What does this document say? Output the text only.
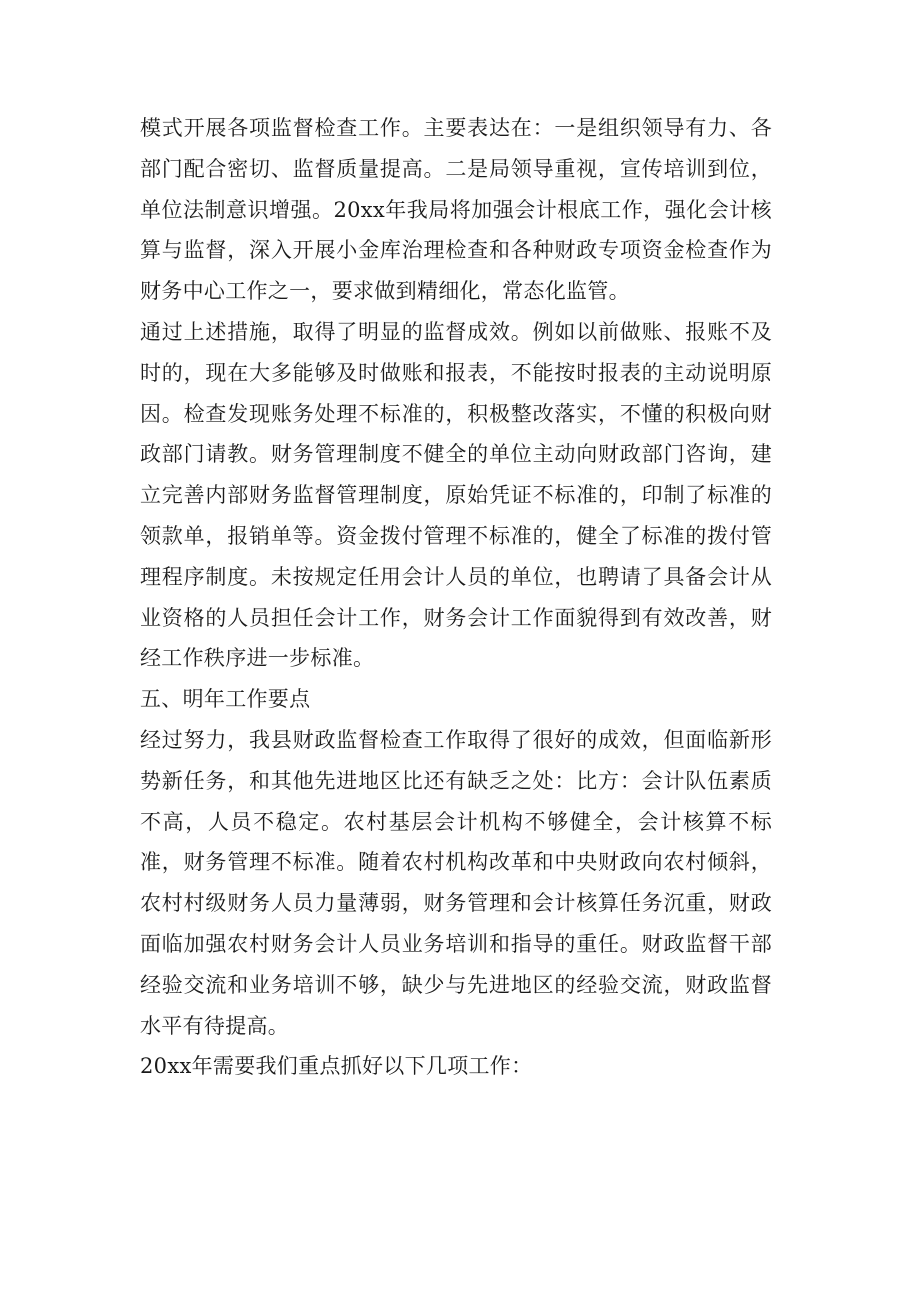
模式开展各项监督检查工作。主要表达在：一是组织领导有力、各部门配合密切、监督质量提高。二是局领导重视，宣传培训到位，单位法制意识增强。20xx年我局将加强会计根底工作，强化会计核算与监督，深入开展小金库治理检查和各种财政专项资金检查作为财务中心工作之一，要求做到精细化，常态化监管。

通过上述措施，取得了明显的监督成效。例如以前做账、报账不及时的，现在大多能够及时做账和报表，不能按时报表的主动说明原因。检查发现账务处理不标准的，积极整改落实，不懂的积极向财政部门请教。财务管理制度不健全的单位主动向财政部门咨询，建立完善内部财务监督管理制度，原始凭证不标准的，印制了标准的领款单，报销单等。资金拨付管理不标准的，健全了标准的拨付管理程序制度。未按规定任用会计人员的单位，也聘请了具备会计从业资格的人员担任会计工作，财务会计工作面貌得到有效改善，财经工作秩序进一步标准。

五、明年工作要点

经过努力，我县财政监督检查工作取得了很好的成效，但面临新形势新任务，和其他先进地区比还有缺乏之处：比方：会计队伍素质不高，人员不稳定。农村基层会计机构不够健全，会计核算不标准，财务管理不标准。随着农村机构改革和中央财政向农村倾斜，农村村级财务人员力量薄弱，财务管理和会计核算任务沉重，财政面临加强农村财务会计人员业务培训和指导的重任。财政监督干部经验交流和业务培训不够，缺少与先进地区的经验交流，财政监督水平有待提高。

20xx年需要我们重点抓好以下几项工作：
